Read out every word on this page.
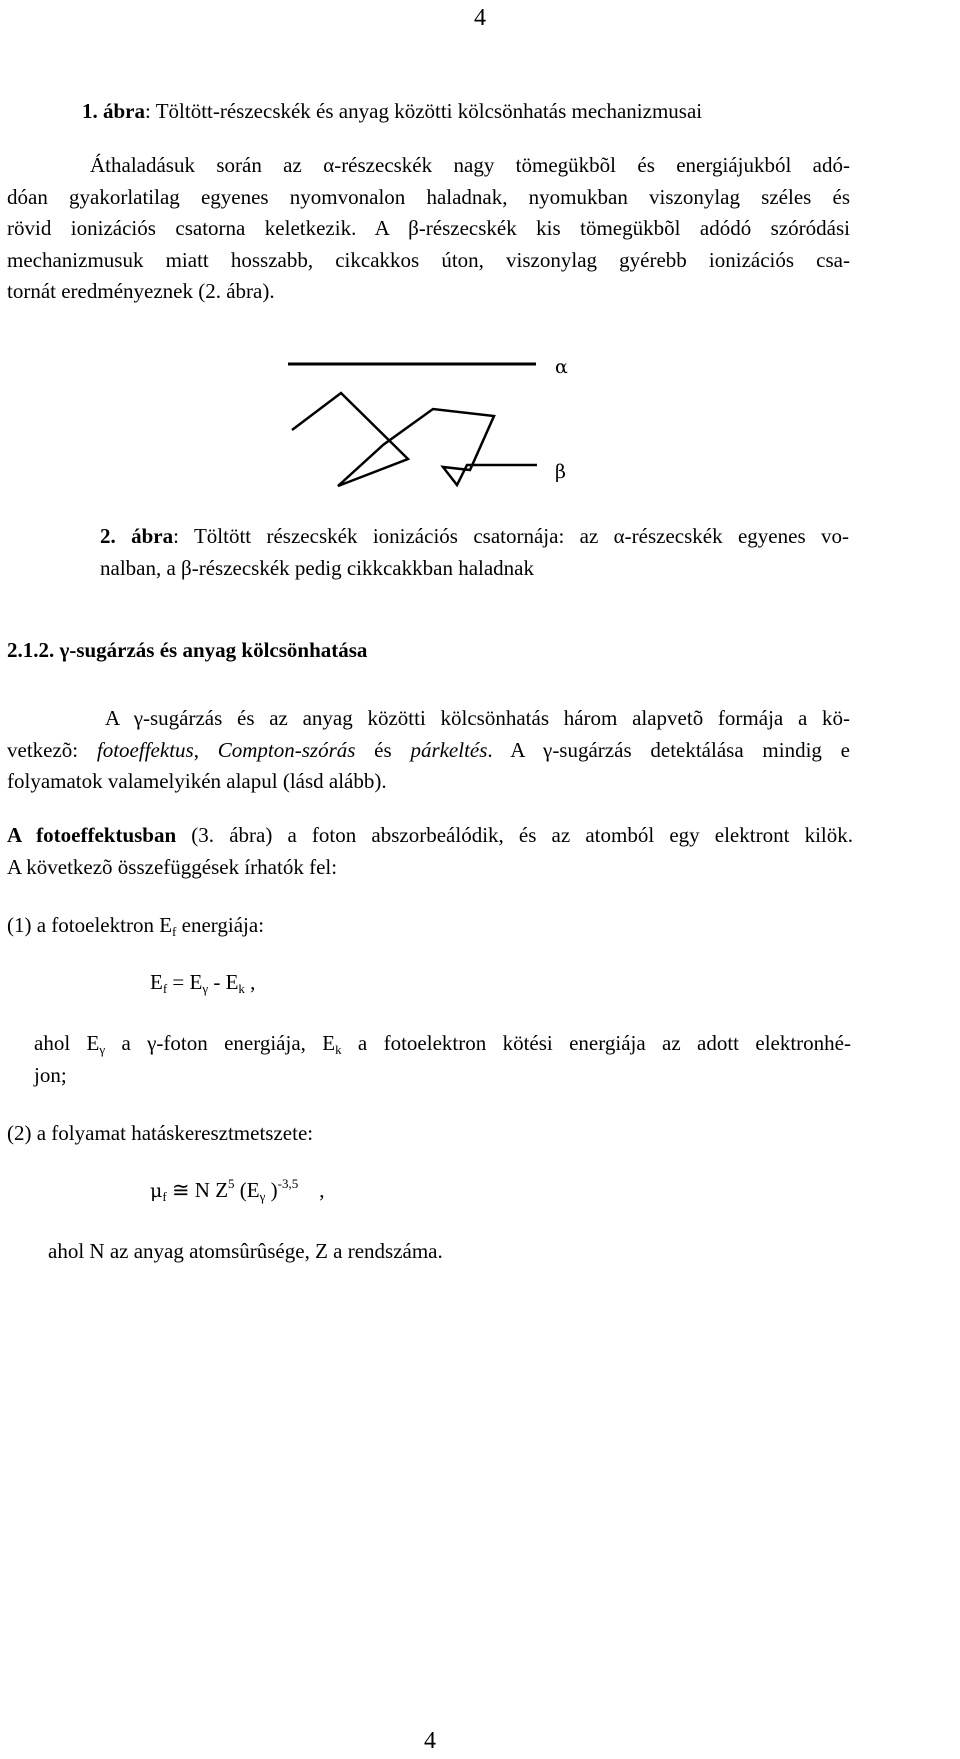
4
1. ábra: Töltött-részecskék és anyag közötti kölcsönhatás mechanizmusai
Áthaladásuk során az α-részecskék nagy tömegükbõl és energiájukból adó-
dóan gyakorlatilag egyenes nyomvonalon haladnak, nyomukban viszonylag széles és
rövid ionizációs csatorna keletkezik. A β-részecskék kis tömegükbõl adódó szóródási
mechanizmusuk miatt hosszabb, cikcakkos úton, viszonylag gyérebb ionizációs csa-
tornát eredményeznek (2. ábra).
α
β
2. ábra: Töltött részecskék ionizációs csatornája: az α-részecskék egyenes vo-
nalban, a β-részecskék pedig cikkcakkban haladnak
2.1.2. γ-sugárzás és anyag kölcsönhatása
A γ-sugárzás és az anyag közötti kölcsönhatás három alapvetõ formája a kö-
vetkezõ: fotoeffektus, Compton-szórás és párkeltés. A γ-sugárzás detektálása mindig e
folyamatok valamelyikén alapul (lásd alább).
A fotoeffektusban (3. ábra) a foton abszorbeálódik, és az atomból egy elektront kilök.
A következõ összefüggések írhatók fel:
(1) a fotoelektron $E_f$ energiája:
$E_f = E_\gamma - E_k$ ,
ahol $E_\gamma$ a γ-foton energiája, $E_k$ a fotoelektron kötési energiája az adott elektronhé-
jon;
(2) a folyamat hatáskeresztmetszete:
$\mu_f$ ≅ N $Z^5$ ($E_\gamma$ )$^{-3,5}$    ,
ahol N az anyag atomsûrûsége, Z a rendszáma.
4
